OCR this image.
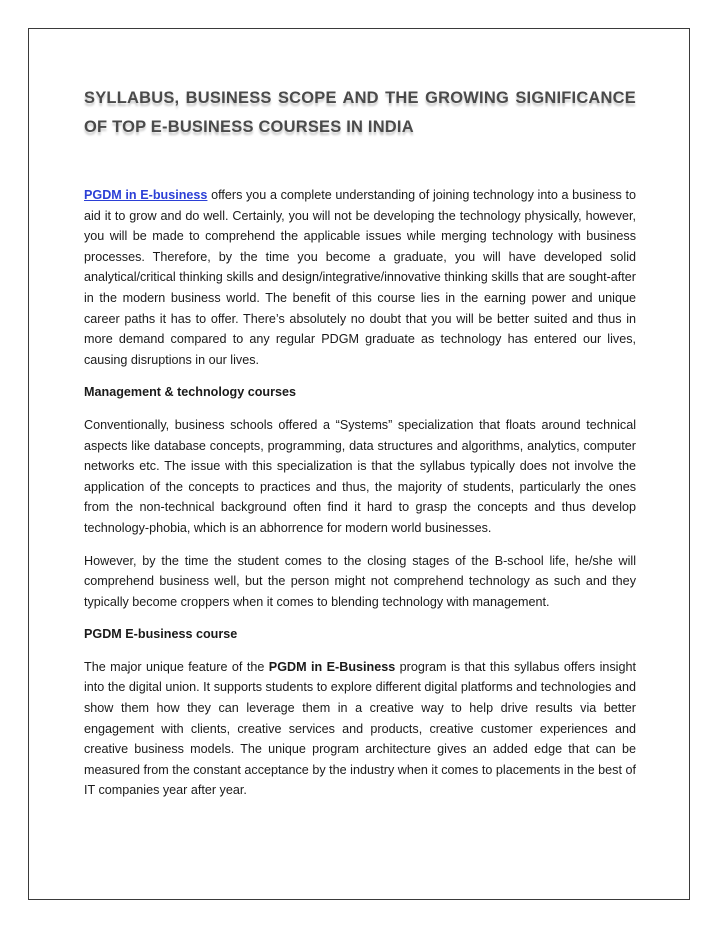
SYLLABUS, BUSINESS SCOPE AND THE GROWING SIGNIFICANCE OF TOP E-BUSINESS COURSES IN INDIA

PGDM in E-business offers you a complete understanding of joining technology into a business to aid it to grow and do well. Certainly, you will not be developing the technology physically, however, you will be made to comprehend the applicable issues while merging technology with business processes. Therefore, by the time you become a graduate, you will have developed solid analytical/critical thinking skills and design/integrative/innovative thinking skills that are sought-after in the modern business world. The benefit of this course lies in the earning power and unique career paths it has to offer. There’s absolutely no doubt that you will be better suited and thus in more demand compared to any regular PDGM graduate as technology has entered our lives, causing disruptions in our lives.

Management & technology courses

Conventionally, business schools offered a “Systems” specialization that floats around technical aspects like database concepts, programming, data structures and algorithms, analytics, computer networks etc. The issue with this specialization is that the syllabus typically does not involve the application of the concepts to practices and thus, the majority of students, particularly the ones from the non-technical background often find it hard to grasp the concepts and thus develop technology-phobia, which is an abhorrence for modern world businesses.

However, by the time the student comes to the closing stages of the B-school life, he/she will comprehend business well, but the person might not comprehend technology as such and they typically become croppers when it comes to blending technology with management.

PGDM E-business course

The major unique feature of the PGDM in E-Business program is that this syllabus offers insight into the digital union. It supports students to explore different digital platforms and technologies and show them how they can leverage them in a creative way to help drive results via better engagement with clients, creative services and products, creative customer experiences and creative business models. The unique program architecture gives an added edge that can be measured from the constant acceptance by the industry when it comes to placements in the best of IT companies year after year.
